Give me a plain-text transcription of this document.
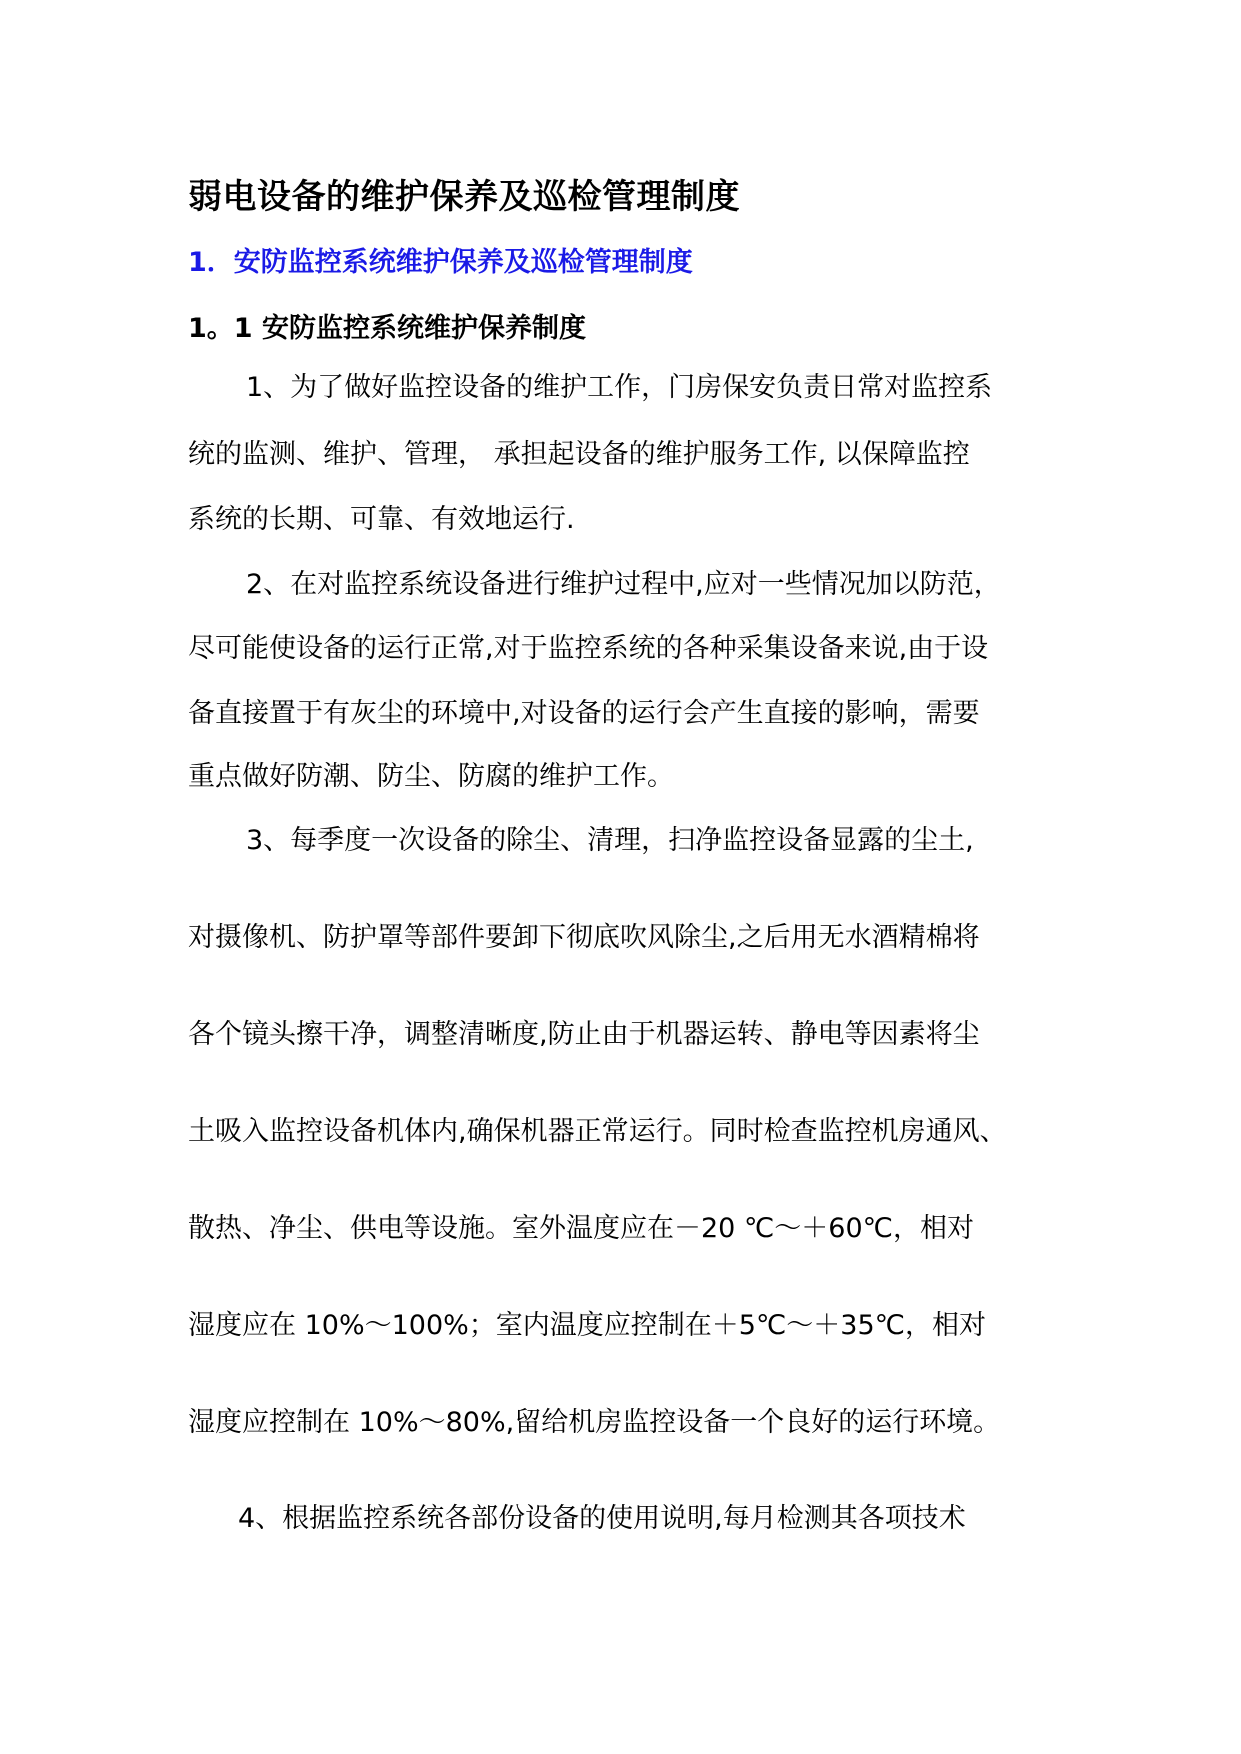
弱电设备的维护保养及巡检管理制度
1．安防监控系统维护保养及巡检管理制度
1。1 安防监控系统维护保养制度

1、为了做好监控设备的维护工作，门房保安负责日常对监控系

统的监测、维护、管理， 承担起设备的维护服务工作, 以保障监控

系统的长期、可靠、有效地运行.

2、在对监控系统设备进行维护过程中,应对一些情况加以防范，

尽可能使设备的运行正常,对于监控系统的各种采集设备来说,由于设

备直接置于有灰尘的环境中,对设备的运行会产生直接的影响，需要

重点做好防潮、防尘、防腐的维护工作。

3、每季度一次设备的除尘、清理，扫净监控设备显露的尘土,

对摄像机、防护罩等部件要卸下彻底吹风除尘,之后用无水酒精棉将

各个镜头擦干净，调整清晰度,防止由于机器运转、静电等因素将尘

土吸入监控设备机体内,确保机器正常运行。同时检查监控机房通风、

散热、净尘、供电等设施。室外温度应在－20 ℃～＋60℃，相对

湿度应在 10%～100%；室内温度应控制在＋5℃～＋35℃，相对

湿度应控制在 10%～80%,留给机房监控设备一个良好的运行环境。

4、根据监控系统各部份设备的使用说明,每月检测其各项技术
